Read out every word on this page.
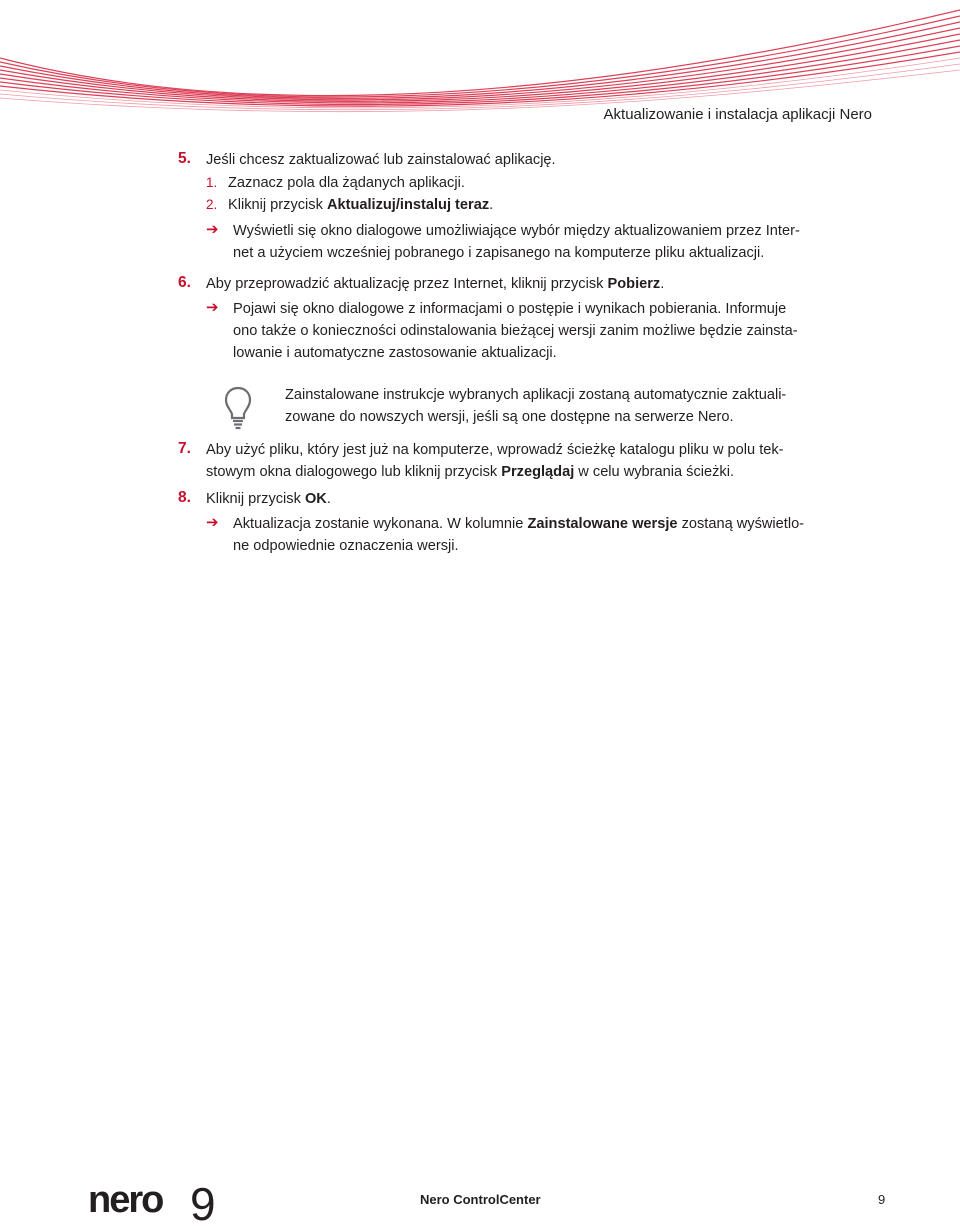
Aktualizowanie i instalacja aplikacji Nero
5. Jeśli chcesz zaktualizować lub zainstalować aplikację.
1. Zaznacz pola dla żądanych aplikacji.
2. Kliknij przycisk Aktualizuj/instaluj teraz.
➔ Wyświetli się okno dialogowe umożliwiające wybór między aktualizowaniem przez Inter-
net a użyciem wcześniej pobranego i zapisanego na komputerze pliku aktualizacji.
6. Aby przeprowadzić aktualizację przez Internet, kliknij przycisk Pobierz.
➔ Pojawi się okno dialogowe z informacjami o postępie i wynikach pobierania. Informuje
ono także o konieczności odinstalowania bieżącej wersji zanim możliwe będzie zainsta-
lowanie i automatyczne zastosowanie aktualizacji.
Zainstalowane instrukcje wybranych aplikacji zostaną automatycznie zaktuali-
zowane do nowszych wersji, jeśli są one dostępne na serwerze Nero.
7. Aby użyć pliku, który jest już na komputerze, wprowadź ścieżkę katalogu pliku w polu tek-
stowym okna dialogowego lub kliknij przycisk Przeglądaj w celu wybrania ścieżki.
8. Kliknij przycisk OK.
➔ Aktualizacja zostanie wykonana. W kolumnie Zainstalowane wersje zostaną wyświetlo-
ne odpowiednie oznaczenia wersji.
nero 9	Nero ControlCenter	9
